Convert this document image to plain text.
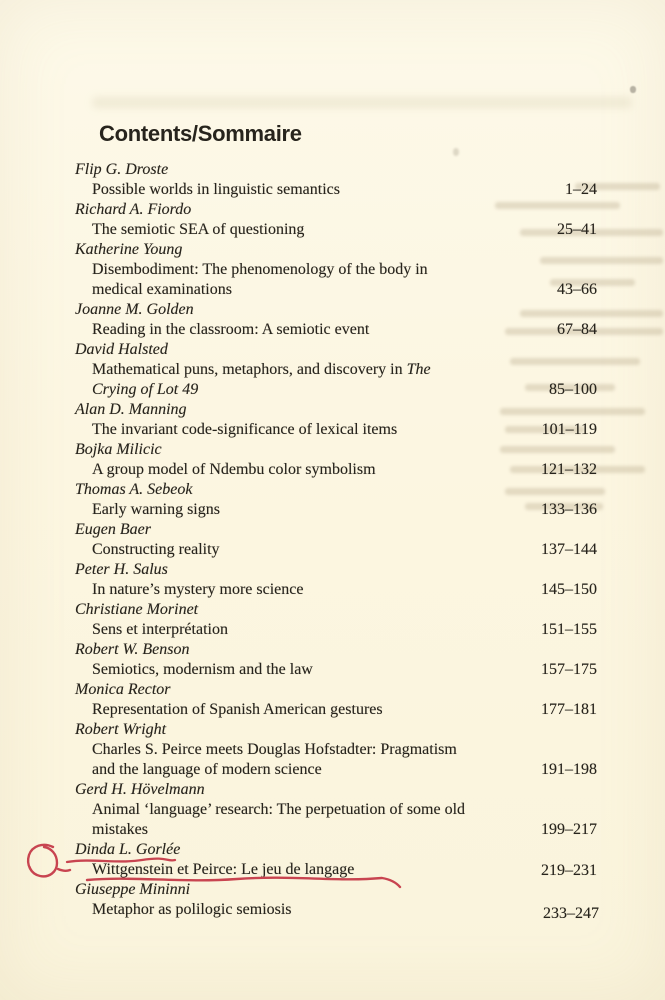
Contents/Sommaire
Flip G. Droste
Possible worlds in linguistic semantics	1–24
Richard A. Fiordo
The semiotic SEA of questioning	25–41
Katherine Young
Disembodiment: The phenomenology of the body in
medical examinations	43–66
Joanne M. Golden
Reading in the classroom: A semiotic event	67–84
David Halsted
Mathematical puns, metaphors, and discovery in The
Crying of Lot 49	85–100
Alan D. Manning
The invariant code-significance of lexical items	101–119
Bojka Milicic
A group model of Ndembu color symbolism	121–132
Thomas A. Sebeok
Early warning signs	133–136
Eugen Baer
Constructing reality	137–144
Peter H. Salus
In nature’s mystery more science	145–150
Christiane Morinet
Sens et interprétation	151–155
Robert W. Benson
Semiotics, modernism and the law	157–175
Monica Rector
Representation of Spanish American gestures	177–181
Robert Wright
Charles S. Peirce meets Douglas Hofstadter: Pragmatism
and the language of modern science	191–198
Gerd H. Hövelmann
Animal ‘language’ research: The perpetuation of some old
mistakes	199–217
Dinda L. Gorlée
Wittgenstein et Peirce: Le jeu de langage	219–231
Giuseppe Mininni
Metaphor as polilogic semiosis	233–247
